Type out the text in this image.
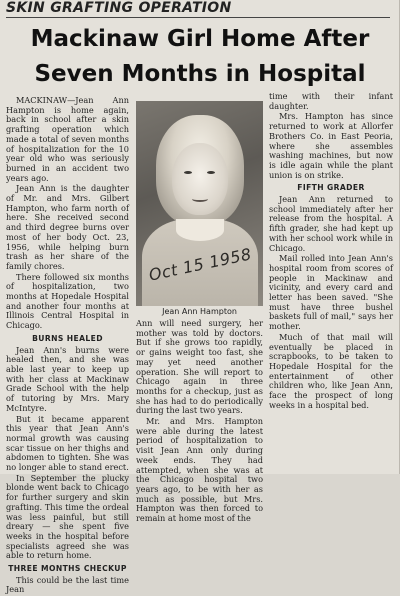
SKIN GRAFTING OPERATION
Mackinaw Girl Home After
Seven Months in Hospital

MACKINAW—Jean Ann Hampton is home again, back in school after a skin grafting operation which made a total of seven months of hospitalization for the 10 year old who was seriously burned in an accident two years ago.

Jean Ann is the daughter of Mr. and Mrs. Gilbert Hampton, who farm north of here. She received second and third degree burns over most of her body Oct. 23, 1956, while helping burn trash as her share of the family chores.

There followed six months of hospitalization, two months at Hopedale Hospital and another four months at Illinois Central Hospital in Chicago.

BURNS HEALED

Jean Ann's burns were healed then, and she was able last year to keep up with her class at Mackinaw Grade School with the help of tutoring by Mrs. Mary McIntyre.

But it became apparent this year that Jean Ann's normal growth was causing scar tissue on her thighs and abdomen to tighten. She was no longer able to stand erect.

In September the plucky blonde went back to Chicago for further surgery and skin grafting. This time the ordeal was less painful, but still dreary — she spent five weeks in the hospital before specialists agreed she was able to return home.

THREE MONTHS CHECKUP

This could be the last time Jean

Oct 15 1958
Jean Ann Hampton

Ann will need surgery, her mother was told by doctors. But if she grows too rapidly, or gains weight too fast, she may yet need another operation. She will report to Chicago again in three months for a checkup, just as she has had to do periodically during the last two years.

Mr. and Mrs. Hampton were able during the latest period of hospitalization to visit Jean Ann only during week ends. They had attempted, when she was at the Chicago hospital two years ago, to be with her as much as possible, but Mrs. Hampton was then forced to remain at home most of the

time with their infant daughter.

Mrs. Hampton has since returned to work at Allorfer Brothers Co. in East Peoria, where she assembles washing machines, but now is idle again while the plant union is on strike.

FIFTH GRADER

Jean Ann returned to school immediately after her release from the hospital. A fifth grader, she had kept up with her school work while in Chicago.

Mail rolled into Jean Ann's hospital room from scores of people in Mackinaw and vicinity, and every card and letter has been saved. "She must have three bushel baskets full of mail," says her mother.

Much of that mail will eventually be placed in scrapbooks, to be taken to Hopedale Hospital for the entertainment of other children who, like Jean Ann, face the prospect of long weeks in a hospital bed.
